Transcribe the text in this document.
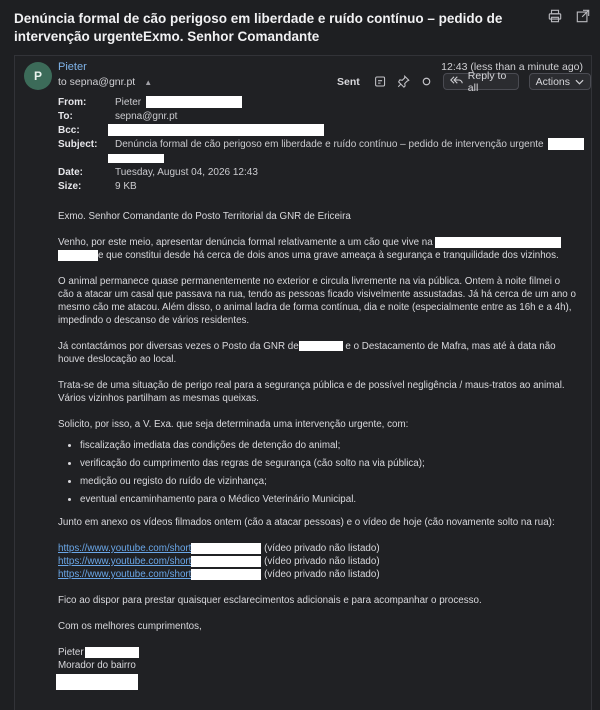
Denúncia formal de cão perigoso em liberdade e ruído contínuo – pedido de intervenção urgenteExmo. Senhor Comandante
P
Pieter
to sepna@gnr.pt ▲
12:43 (less than a minute ago)
Sent	Reply to all	Actions
From:	Pieter
To:	sepna@gnr.pt
Bcc:
Subject: Denúncia formal de cão perigoso em liberdade e ruído contínuo – pedido de intervenção urgente
Date:	Tuesday, August 04, 2026 12:43
Size:	9 KB

Exmo. Senhor Comandante do Posto Territorial da GNR de Ericeira

Venho, por este meio, apresentar denúncia formal relativamente a um cão que vive na
e que constitui desde há cerca de dois anos uma grave ameaça à segurança e tranquilidade dos vizinhos.

O animal permanece quase permanentemente no exterior e circula livremente na via pública. Ontem à noite filmei o cão a atacar um casal que passava na rua, tendo as pessoas ficado visivelmente assustadas. Já há cerca de um ano o mesmo cão me atacou. Além disso, o animal ladra de forma contínua, dia e noite (especialmente entre as 16h e a 4h), impedindo o descanso de vários residentes.

Já contactámos por diversas vezes o Posto da GNR de	e o Destacamento de Mafra, mas até à data não houve deslocação ao local.

Trata-se de uma situação de perigo real para a segurança pública e de possível negligência / maus-tratos ao animal. Vários vizinhos partilham as mesmas queixas.

Solicito, por isso, a V. Exa. que seja determinada uma intervenção urgente, com:

• fiscalização imediata das condições de detenção do animal;
• verificação do cumprimento das regras de segurança (cão solto na via pública);
• medição ou registo do ruído de vizinhança;
• eventual encaminhamento para o Médico Veterinário Municipal.

Junto em anexo os vídeos filmados ontem (cão a atacar pessoas) e o vídeo de hoje (cão novamente solto na rua):

https://www.youtube.com/short	(vídeo privado não listado)

https://www.youtube.com/short	(vídeo privado não listado)

https://www.youtube.com/short	(vídeo privado não listado)

Fico ao dispor para prestar quaisquer esclarecimentos adicionais e para acompanhar o processo.

Com os melhores cumprimentos,

Pieter
Morador do bairro
